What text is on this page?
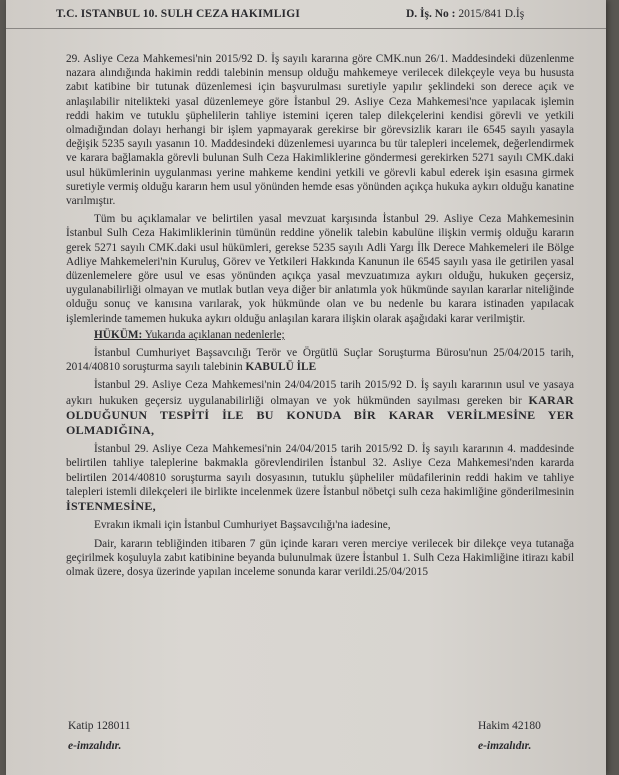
T.C. ISTANBUL 10. SULH CEZA HAKIMLIGI	D. İş. No : 2015/841 D.İş

29. Asliye Ceza Mahkemesi'nin 2015/92 D. İş sayılı kararına göre CMK.nun 26/1. Maddesindeki düzenlenme nazara alındığında hakimin reddi talebinin mensup olduğu mahkemeye verilecek dilekçeyle veya bu hususta zabıt katibine bir tutunak düzenlemesi için başvurulması suretiyle yapılır şeklindeki son derece açık ve anlaşılabilir nitelikteki yasal düzenlemeye göre İstanbul 29. Asliye Ceza Mahkemesi'nce yapılacak işlemin reddi hakim ve tutuklu şüphelilerin tahliye istemini içeren talep dilekçelerini kendisi görevli ve yetkili olmadığından dolayı herhangi bir işlem yapmayarak gerekirse bir görevsizlik kararı ile 6545 sayılı yasayla değişik 5235 sayılı yasanın 10. Maddesindeki düzenlemesi uyarınca bu tür talepleri incelemek, değerlendirmek ve karara bağlamakla görevli bulunan Sulh Ceza Hakimliklerine göndermesi gerekirken 5271 sayılı CMK.daki usul hükümlerinin uygulanması yerine mahkeme kendini yetkili ve görevli kabul ederek işin esasına girmek suretiyle vermiş olduğu kararın hem usul yönünden hemde esas yönünden açıkça hukuka aykırı olduğu kanatine varılmıştır.

Tüm bu açıklamalar ve belirtilen yasal mevzuat karşısında İstanbul 29. Asliye Ceza Mahkemesinin İstanbul Sulh Ceza Hakimliklerinin tümünün reddine yönelik talebin kabulüne ilişkin vermiş olduğu kararın gerek 5271 sayılı CMK.daki usul hükümleri, gerekse 5235 sayılı Adli Yargı İlk Derece Mahkemeleri ile Bölge Adliye Mahkemeleri'nin Kuruluş, Görev ve Yetkileri Hakkında Kanunun ile 6545 sayılı yasa ile getirilen yasal düzenlemelere göre usul ve esas yönünden açıkça yasal mevzuatımıza aykırı olduğu, hukuken geçersiz, uygulanabilirliği olmayan ve mutlak butlan veya diğer bir anlatımla yok hükmünde sayılan kararlar niteliğinde olduğu sonuç ve kanısına varılarak, yok hükmünde olan ve bu nedenle bu karara istinaden yapılacak işlemlerinde tamemen hukuka aykırı olduğu anlaşılan karara ilişkin olarak aşağıdaki karar verilmiştir.

HÜKÜM: Yukarıda açıklanan nedenlerle;

İstanbul Cumhuriyet Başsavcılığı Terör ve Örgütlü Suçlar Soruşturma Bürosu'nun 25/04/2015 tarih, 2014/40810 soruşturma sayılı talebinin KABULÜ İLE

İstanbul 29. Asliye Ceza Mahkemesi'nin 24/04/2015 tarih 2015/92 D. İş sayılı kararının usul ve yasaya aykırı hukuken geçersiz uygulanabilirliği olmayan ve yok hükmünden sayılması gereken bir KARAR OLDUĞUNUN TESPİTİ İLE BU KONUDA BİR KARAR VERİLMESİNE YER OLMADIĞINA,

İstanbul 29. Asliye Ceza Mahkemesi'nin 24/04/2015 tarih 2015/92 D. İş sayılı kararının 4. maddesinde belirtilen tahliye taleplerine bakmakla görevlendirilen İstanbul 32. Asliye Ceza Mahkemesi'nden kararda belirtilen 2014/40810 soruşturma sayılı dosyasının, tutuklu şüpheliler müdafilerinin reddi hakim ve tahliye talepleri istemli dilekçeleri ile birlikte incelenmek üzere İstanbul nöbetçi sulh ceza hakimliğine gönderilmesinin İSTENMESİNE,

Evrakın ikmali için İstanbul Cumhuriyet Başsavcılığı'na iadesine,

Dair, kararın tebliğinden itibaren 7 gün içinde kararı veren merciye verilecek bir dilekçe veya tutanağa geçirilmek koşuluyla zabıt katibinine beyanda bulunulmak üzere İstanbul 1. Sulh Ceza Hakimliğine itirazı kabil olmak üzere, dosya üzerinde yapılan inceleme sonunda karar verildi.25/04/2015

Katip 128011
e-imzalıdır.
Hakim 42180
e-imzalıdır.
